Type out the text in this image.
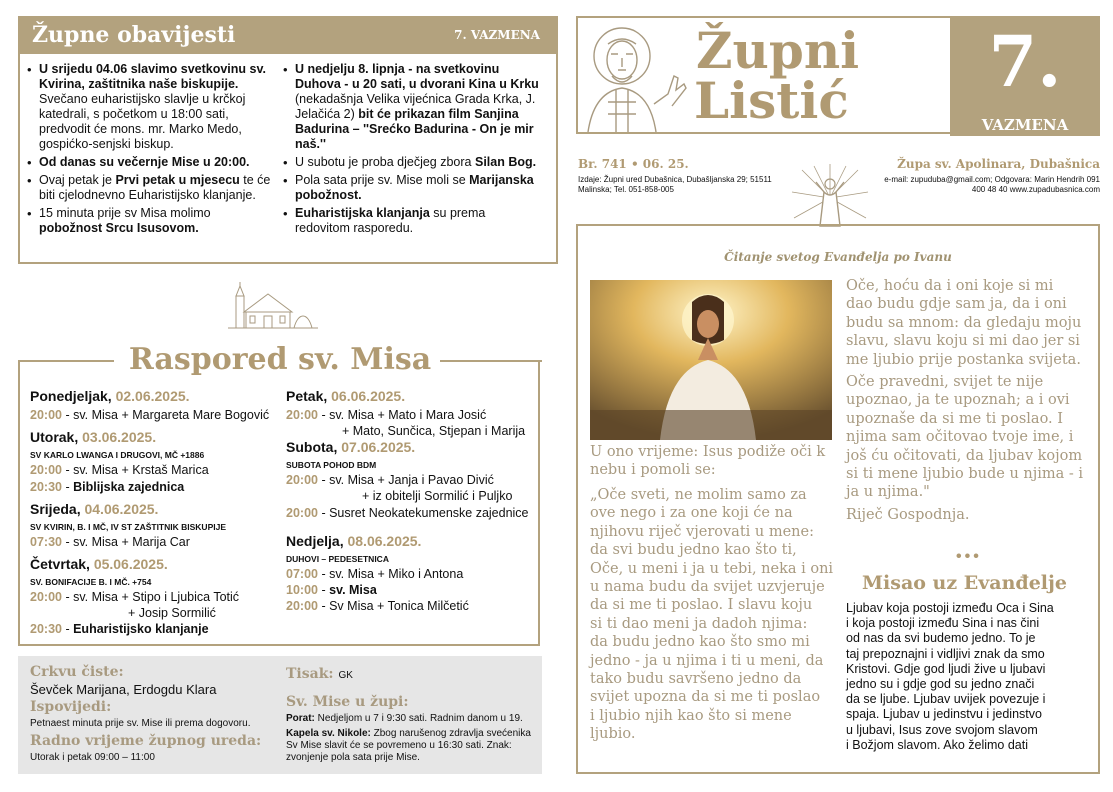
Župne obavijesti	7. VAZMENA
• U srijedu 04.06 slavimo svetkovinu sv. Kvirina, zaštitnika naše biskupije. Svečano euharistijsko slavlje u krčkoj katedrali, s početkom u 18:00 sati, predvodit će mons. mr. Marko Medo, gospićko-senjski biskup.
• Od danas su večernje Mise u 20:00.
• Ovaj petak je Prvi petak u mjesecu te će biti cjelodnevno Euharistijsko klanjanje.
• 15 minuta prije sv Misa molimo pobožnost Srcu Isusovom.
• U nedjelju 8. lipnja - na svetkovinu Duhova - u 20 sati, u dvorani Kina u Krku (nekadašnja Velika vijećnica Grada Krka, J. Jelačića 2) bit će prikazan film Sanjina Badurina – ''Srećko Badurina - On je mir naš.''
• U subotu je proba dječjeg zbora Silan Bog.
• Pola sata prije sv. Mise moli se Marijanska pobožnost.
• Euharistijska klanjanja su prema redovitom rasporedu.
Raspored sv. Misa
Ponedjeljak, 02.06.2025.
20:00 - sv. Misa + Margareta Mare Bogović
Utorak, 03.06.2025.
SV KARLO LWANGA I DRUGOVI, MČ +1886
20:00 - sv. Misa + Krstaš Marica
20:30 - Biblijska zajednica
Srijeda, 04.06.2025.
SV KVIRIN, B. I MČ, IV ST ZAŠTITNIK BISKUPIJE
07:30 - sv. Misa + Marija Car
Četvrtak, 05.06.2025.
SV. BONIFACIJE B. I MČ. +754
20:00 - sv. Misa + Stipo i Ljubica Totić
+ Josip Sormilić
20:30 - Euharistijsko klanjanje
Petak, 06.06.2025.
20:00 - sv. Misa + Mato i Mara Josić
+ Mato, Sunčica, Stjepan i Marija
Subota, 07.06.2025.
SUBOTA POHOD BDM
20:00 - sv. Misa + Janja i Pavao Divić
+ iz obitelji Sormilić i Puljko
20:00 - Susret Neokatekumenske zajednice
Nedjelja, 08.06.2025.
DUHOVI – PEDESETNICA
07:00 - sv. Misa + Miko i Antona
10:00 - sv. Misa
20:00 - Sv Misa + Tonica Milčetić
Crkvu čiste:
Ševček Marijana, Erdogdu Klara
Ispovijedi:
Petnaest minuta prije sv. Mise ili prema dogovoru.
Radno vrijeme župnog ureda:
Utorak i petak 09:00 – 11:00
Tisak: GK
Sv. Mise u župi:
Porat: Nedjeljom u 7 i 9:30 sati. Radnim danom u 19.
Kapela sv. Nikole: Zbog narušenog zdravlja svećenika Sv Mise slavit će se povremeno u 16:30 sati. Znak: zvonjenje pola sata prije Mise.
Župni
Listić	7.
VAZMENA
Br. 741 • 06. 25.	Župa sv. Apolinara, Dubašnica
Izdaje: Župni ured Dubašnica, Dubašljanska 29; 51511 Malinska; Tel. 051-858-005
e-mail: zupuduba@gmail.com; Odgovara: Marin Hendrih 091 400 48 40 www.zupadubasnica.com
Čitanje svetog Evanđelja po Ivanu
U ono vrijeme: Isus podiže oči k
nebu i pomoli se:
„Oče sveti, ne molim samo za
ove nego i za one koji će na
njihovu riječ vjerovati u mene:
da svi budu jedno kao što ti,
Oče, u meni i ja u tebi, neka i oni
u nama budu da svijet uzvjeruje
da si me ti poslao. I slavu koju
si ti dao meni ja dadoh njima:
da budu jedno kao što smo mi
jedno - ja u njima i ti u meni, da
tako budu savršeno jedno da
svijet upozna da si me ti poslao
i ljubio njih kao što si mene
ljubio.
Oče, hoću da i oni koje si mi
dao budu gdje sam ja, da i oni
budu sa mnom: da gledaju moju
slavu, slavu koju si mi dao jer si
me ljubio prije postanka svijeta.
Oče pravedni, svijet te nije
upoznao, ja te upoznah; a i ovi
upoznaše da si me ti poslao. I
njima sam očitovao tvoje ime, i
još ću očitovati, da ljubav kojom
si ti mene ljubio bude u njima - i
ja u njima."
Riječ Gospodnja.
•••
Misao uz Evanđelje
Ljubav koja postoji između Oca i Sina
i koja postoji između Sina i nas čini
od nas da svi budemo jedno. To je
taj prepoznajni i vidljivi znak da smo
Kristovi. Gdje god ljudi žive u ljubavi
jedno su i gdje god su jedno znači
da se ljube. Ljubav uvijek povezuje i
spaja. Ljubav u jedinstvu i jedinstvo
u ljubavi, Isus zove svojom slavom
i Božjom slavom. Ako želimo dati
